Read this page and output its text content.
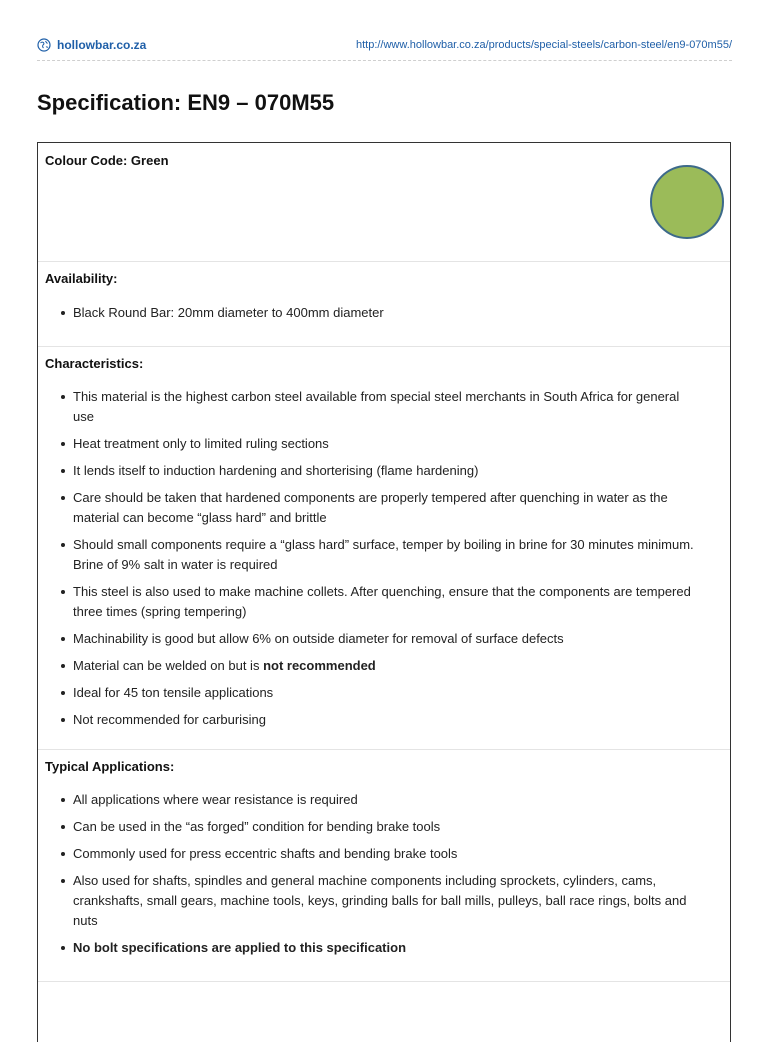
hollowbar.co.za	http://www.hollowbar.co.za/products/special-steels/carbon-steel/en9-070m55/
Specification: EN9 – 070M55

Colour Code: Green

Availability:

Black Round Bar: 20mm diameter to 400mm diameter

Characteristics:

This material is the highest carbon steel available from special steel merchants in South Africa for general use
Heat treatment only to limited ruling sections
It lends itself to induction hardening and shorterising (flame hardening)
Care should be taken that hardened components are properly tempered after quenching in water as the material can become “glass hard” and brittle
Should small components require a “glass hard” surface, temper by boiling in brine for 30 minutes minimum. Brine of 9% salt in water is required
This steel is also used to make machine collets. After quenching, ensure that the components are tempered three times (spring tempering)
Machinability is good but allow 6% on outside diameter for removal of surface defects
Material can be welded on but is not recommended
Ideal for 45 ton tensile applications
Not recommended for carburising

Typical Applications:

All applications where wear resistance is required
Can be used in the “as forged” condition for bending brake tools
Commonly used for press eccentric shafts and bending brake tools
Also used for shafts, spindles and general machine components including sprockets, cylinders, cams, crankshafts, small gears, machine tools, keys, grinding balls for ball mills, pulleys, ball race rings, bolts and nuts
No bolt specifications are applied to this specification
